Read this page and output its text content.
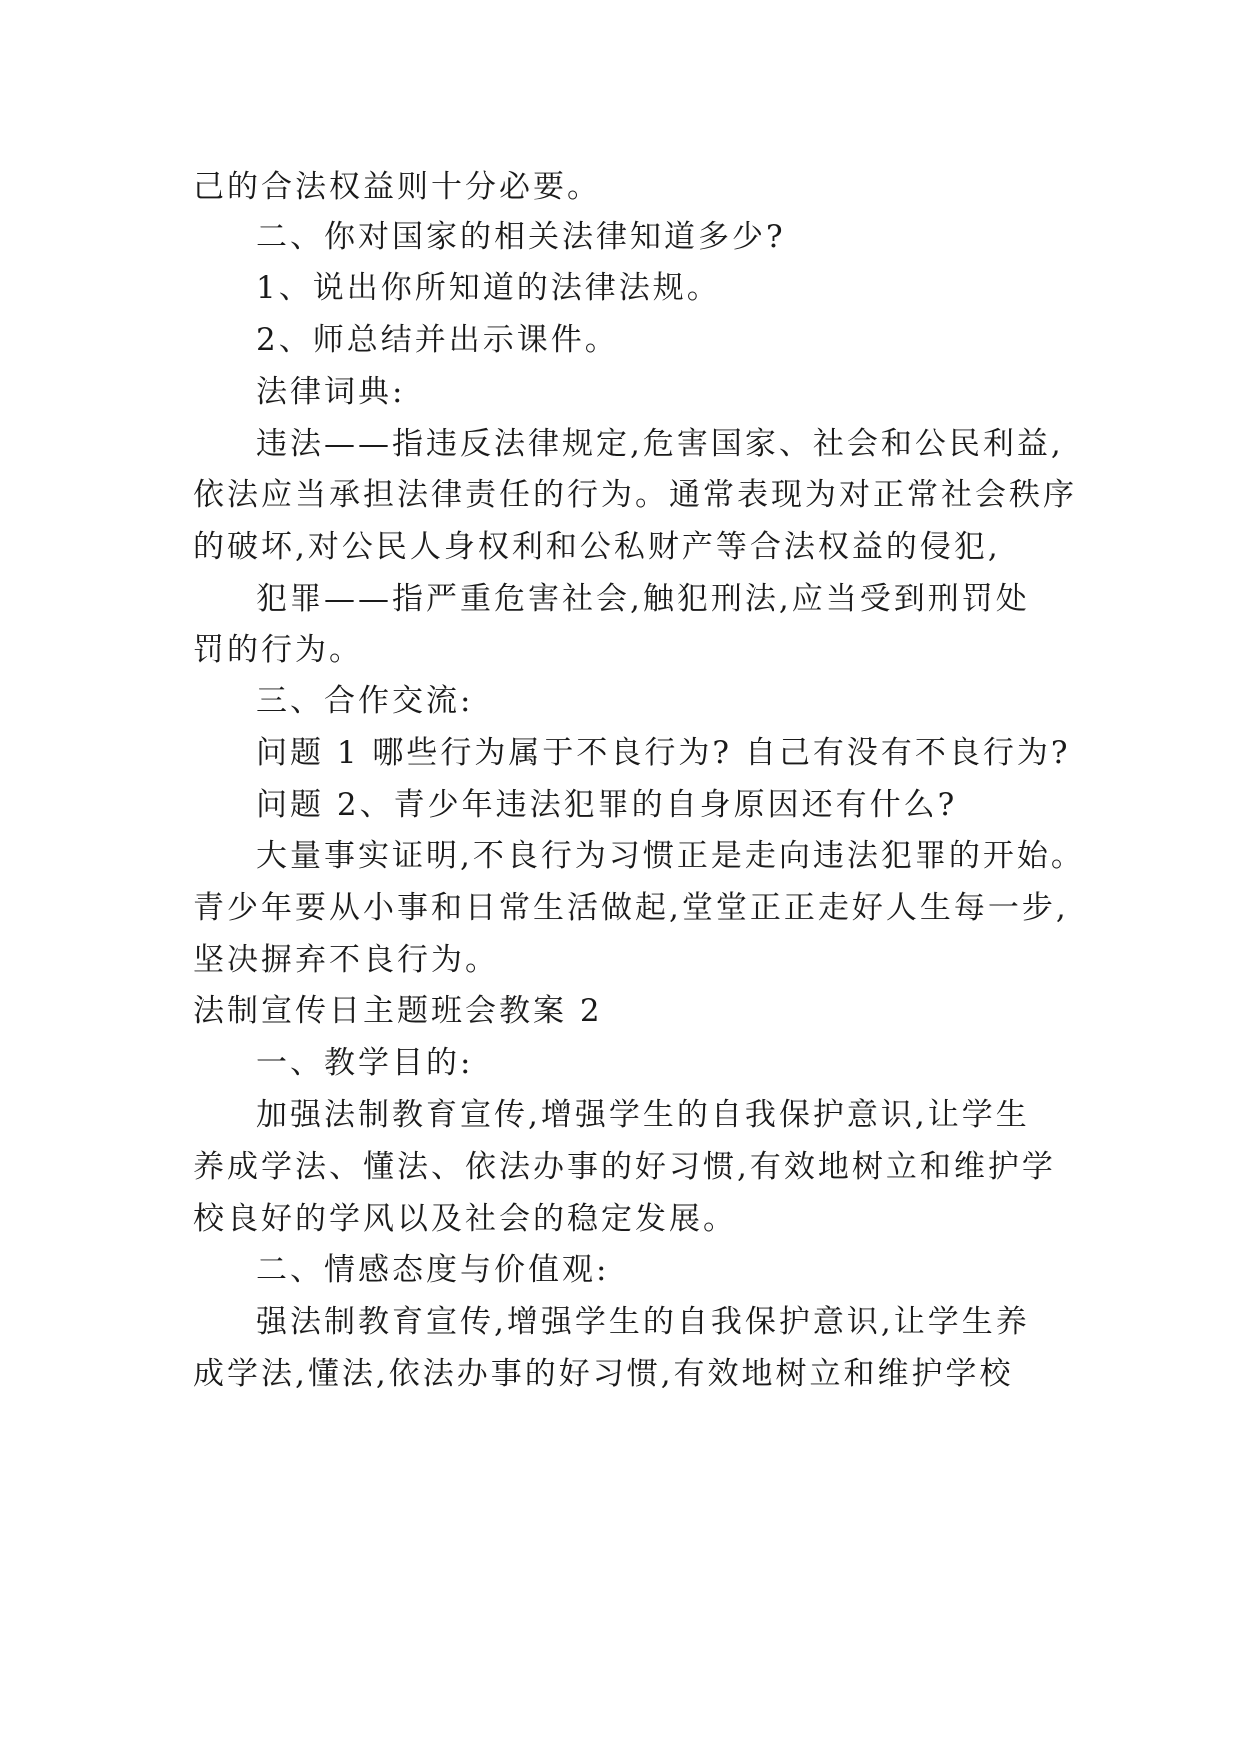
己的合法权益则十分必要。
二、你对国家的相关法律知道多少?
1、说出你所知道的法律法规。
2、师总结并出示课件。
法律词典:
违法——指违反法律规定,危害国家、社会和公民利益,
依法应当承担法律责任的行为。通常表现为对正常社会秩序
的破坏,对公民人身权利和公私财产等合法权益的侵犯,
犯罪——指严重危害社会,触犯刑法,应当受到刑罚处
罚的行为。
三、合作交流:
问题 1 哪些行为属于不良行为? 自己有没有不良行为?
问题 2、青少年违法犯罪的自身原因还有什么?
大量事实证明,不良行为习惯正是走向违法犯罪的开始。
青少年要从小事和日常生活做起,堂堂正正走好人生每一步,
坚决摒弃不良行为。
法制宣传日主题班会教案 2
一、教学目的:
加强法制教育宣传,增强学生的自我保护意识,让学生
养成学法、懂法、依法办事的好习惯,有效地树立和维护学
校良好的学风以及社会的稳定发展。
二、情感态度与价值观:
强法制教育宣传,增强学生的自我保护意识,让学生养
成学法,懂法,依法办事的好习惯,有效地树立和维护学校
